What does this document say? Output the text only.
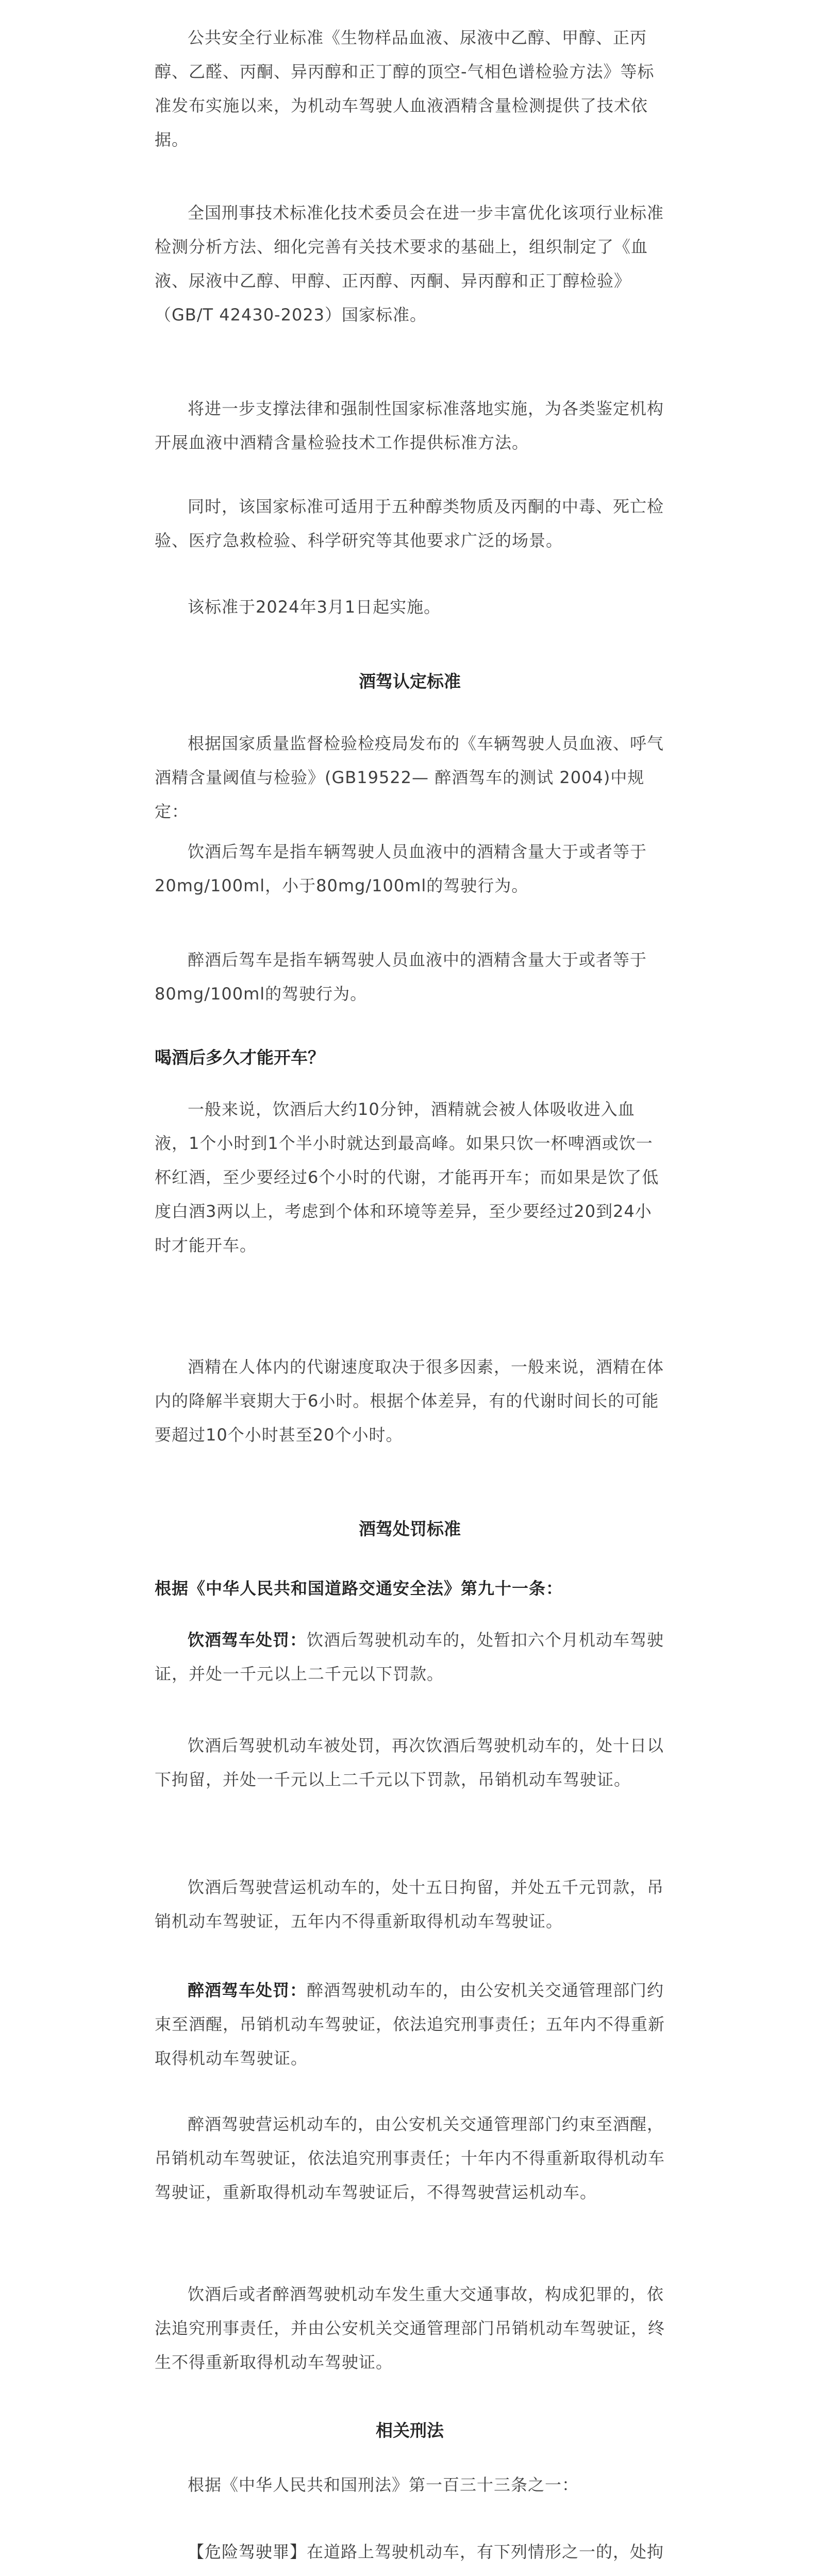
公共安全行业标准《生物样品血液、尿液中乙醇、甲醇、正丙醇、乙醛、丙酮、异丙醇和正丁醇的顶空-气相色谱检验方法》等标准发布实施以来，为机动车驾驶人血液酒精含量检测提供了技术依据。

全国刑事技术标准化技术委员会在进一步丰富优化该项行业标准检测分析方法、细化完善有关技术要求的基础上，组织制定了《血液、尿液中乙醇、甲醇、正丙醇、丙酮、异丙醇和正丁醇检验》（GB/T 42430-2023）国家标准。

将进一步支撑法律和强制性国家标准落地实施，为各类鉴定机构开展血液中酒精含量检验技术工作提供标准方法。

同时，该国家标准可适用于五种醇类物质及丙酮的中毒、死亡检验、医疗急救检验、科学研究等其他要求广泛的场景。

该标准于2024年3月1日起实施。

酒驾认定标准

根据国家质量监督检验检疫局发布的《车辆驾驶人员血液、呼气酒精含量阈值与检验》(GB19522— 醉酒驾车的测试 2004)中规定：

饮酒后驾车是指车辆驾驶人员血液中的酒精含量大于或者等于20mg/100ml，小于80mg/100ml的驾驶行为。

醉酒后驾车是指车辆驾驶人员血液中的酒精含量大于或者等于80mg/100ml的驾驶行为。

喝酒后多久才能开车？

一般来说，饮酒后大约10分钟，酒精就会被人体吸收进入血液，1个小时到1个半小时就达到最高峰。如果只饮一杯啤酒或饮一杯红酒，至少要经过6个小时的代谢，才能再开车；而如果是饮了低度白酒3两以上，考虑到个体和环境等差异，至少要经过20到24小时才能开车。

酒精在人体内的代谢速度取决于很多因素，一般来说，酒精在体内的降解半衰期大于6小时。根据个体差异，有的代谢时间长的可能要超过10个小时甚至20个小时。

酒驾处罚标准

根据《中华人民共和国道路交通安全法》第九十一条：

饮酒驾车处罚：饮酒后驾驶机动车的，处暂扣六个月机动车驾驶证，并处一千元以上二千元以下罚款。

饮酒后驾驶机动车被处罚，再次饮酒后驾驶机动车的，处十日以下拘留，并处一千元以上二千元以下罚款，吊销机动车驾驶证。

饮酒后驾驶营运机动车的，处十五日拘留，并处五千元罚款，吊销机动车驾驶证，五年内不得重新取得机动车驾驶证。

醉酒驾车处罚：醉酒驾驶机动车的，由公安机关交通管理部门约束至酒醒，吊销机动车驾驶证，依法追究刑事责任；五年内不得重新取得机动车驾驶证。

醉酒驾驶营运机动车的，由公安机关交通管理部门约束至酒醒，吊销机动车驾驶证，依法追究刑事责任；十年内不得重新取得机动车驾驶证，重新取得机动车驾驶证后，不得驾驶营运机动车。

饮酒后或者醉酒驾驶机动车发生重大交通事故，构成犯罪的，依法追究刑事责任，并由公安机关交通管理部门吊销机动车驾驶证，终生不得重新取得机动车驾驶证。

相关刑法

根据《中华人民共和国刑法》第一百三十三条之一：

【危险驾驶罪】在道路上驾驶机动车，有下列情形之一的，处拘
